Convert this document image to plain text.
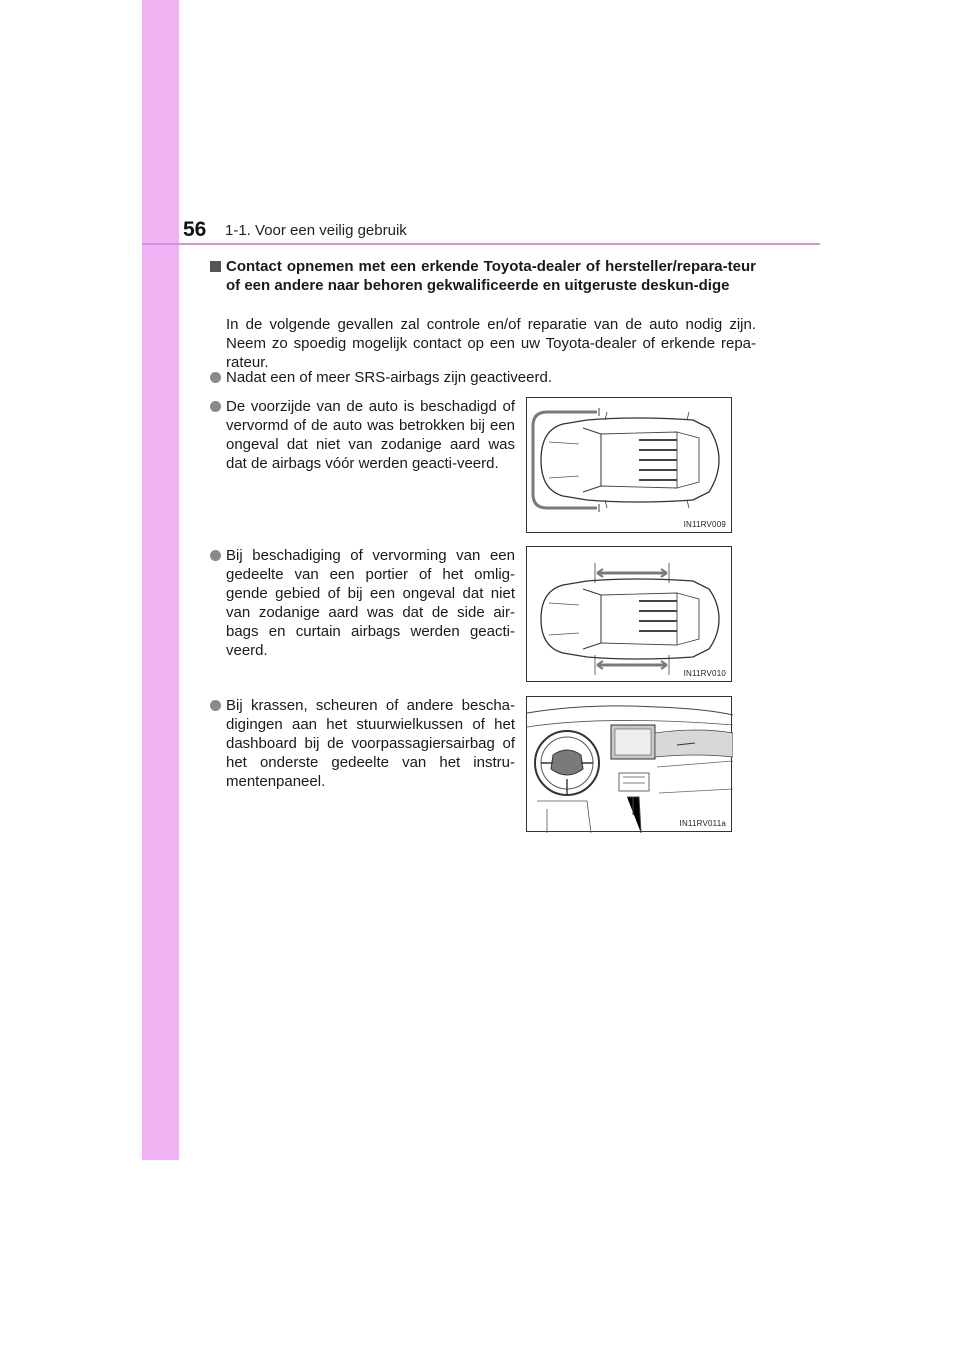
56 1-1. Voor een veilig gebruik
Contact opnemen met een erkende Toyota-dealer of hersteller/repara-teur of een andere naar behoren gekwalificeerde en uitgeruste deskun-dige
In de volgende gevallen zal controle en/of reparatie van de auto nodig zijn. Neem zo spoedig mogelijk contact op een uw Toyota-dealer of erkende repa-rateur.
Nadat een of meer SRS-airbags zijn geactiveerd.
De voorzijde van de auto is beschadigd of vervormd of de auto was betrokken bij een ongeval dat niet van zodanige aard was dat de airbags vóór werden geacti-veerd.
Bij beschadiging of vervorming van een gedeelte van een portier of het omlig-gende gebied of bij een ongeval dat niet van zodanige aard was dat de side air-bags en curtain airbags werden geacti-veerd.
Bij krassen, scheuren of andere bescha-digingen aan het stuurwielkussen of het dashboard bij de voorpassagiersairbag of het onderste gedeelte van het instru-mentenpaneel.
IN11RV009
IN11RV010
IN11RV011a
